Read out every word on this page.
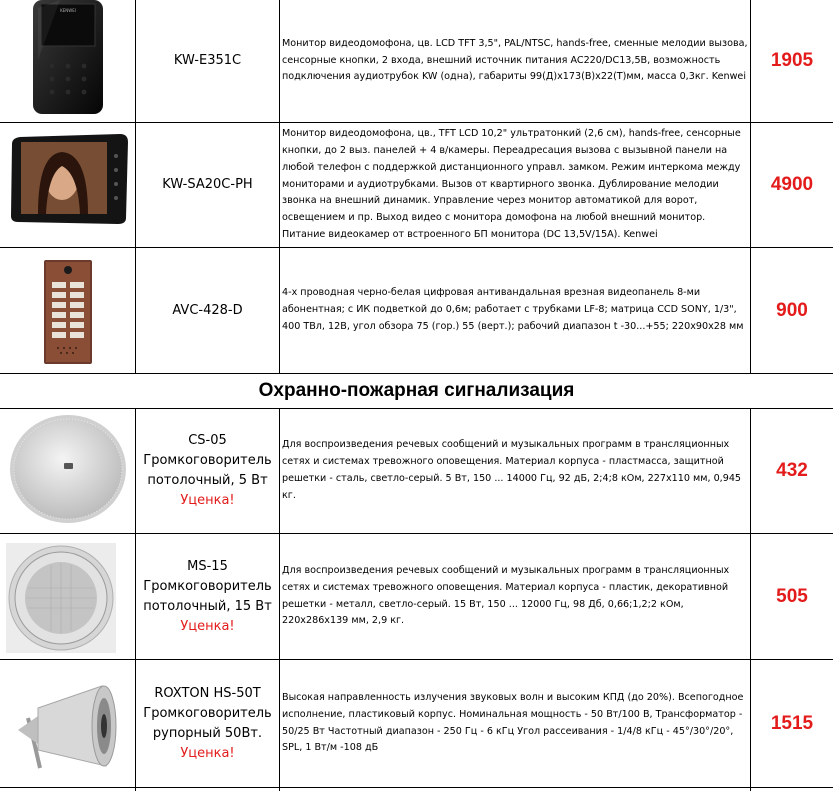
KENWEI
KW-E351C
Монитор видеодомофона, цв. LCD TFT 3,5", PAL/NTSC, hands-free, сменные мелодии вызова, сенсорные кнопки, 2 входа, внешний источник питания AC220/DC13,5В, возможность подключения аудиотрубок KW (одна), габариты 99(Д)x173(В)x22(Т)мм, масса 0,3кг. Kenwei
1905
KW-SA20C-PH
Монитор видеодомофона, цв., TFT LCD 10,2" ультратонкий (2,6 см), hands-free, сенсорные кнопки, до 2 выз. панелей + 4 в/камеры. Переадресация вызова с вызывной панели на любой телефон с поддержкой дистанционного управл. замком. Режим интеркома между мониторами и аудиотрубками. Вызов от квартирного звонка. Дублирование мелодии звонка на внешний динамик. Управление через монитор автоматикой для ворот, освещением и пр. Выход видео с монитора домофона на любой внешний монитор. Питание видеокамер от встроенного БП монитора (DC 13,5V/15A). Kenwei
4900
AVC-428-D
4-х проводная черно-белая цифровая антивандальная врезная видеопанель 8-ми абонентная; с ИК подветкой до 0,6м; работает с трубками LF-8; матрица CCD SONY, 1/3", 400 ТВл, 12В, угол обзора 75 (гор.) 55 (верт.); рабочий диапазон t -30...+55; 220x90x28 мм
900
Охранно-пожарная сигнализация
CS-05
Громкоговоритель
потолочный, 5 Вт
Уценка!
Для воспроизведения речевых сообщений и музыкальных программ в трансляционных сетях и системах тревожного оповещения. Материал корпуса - пластмасса, защитной решетки - сталь, светло-серый. 5 Вт, 150 ... 14000 Гц, 92 дБ, 2;4;8 кОм, 227x110 мм, 0,945 кг.
432
MS-15
Громкоговоритель
потолочный, 15 Вт
Уценка!
Для воспроизведения речевых сообщений и музыкальных программ в трансляционных сетях и системах тревожного оповещения. Материал корпуса - пластик, декоративной решетки - металл, светло-серый. 15 Вт, 150 ... 12000 Гц, 98 Дб, 0,66;1,2;2 кОм, 220x286x139 мм, 2,9 кг.
505
ROXTON HS-50T
Громкоговоритель
рупорный 50Вт.
Уценка!
Высокая направленность излучения звуковых волн и высоким КПД (до 20%). Всепогодное исполнение, пластиковый корпус. Номинальная мощность - 50 Вт/100 В, Трансформатор - 50/25 Вт Частотный диапазон - 250 Гц - 6 кГц Угол рассеивания - 1/4/8 кГц - 45°/30°/20°, SPL, 1 Вт/м -108 дБ
1515
